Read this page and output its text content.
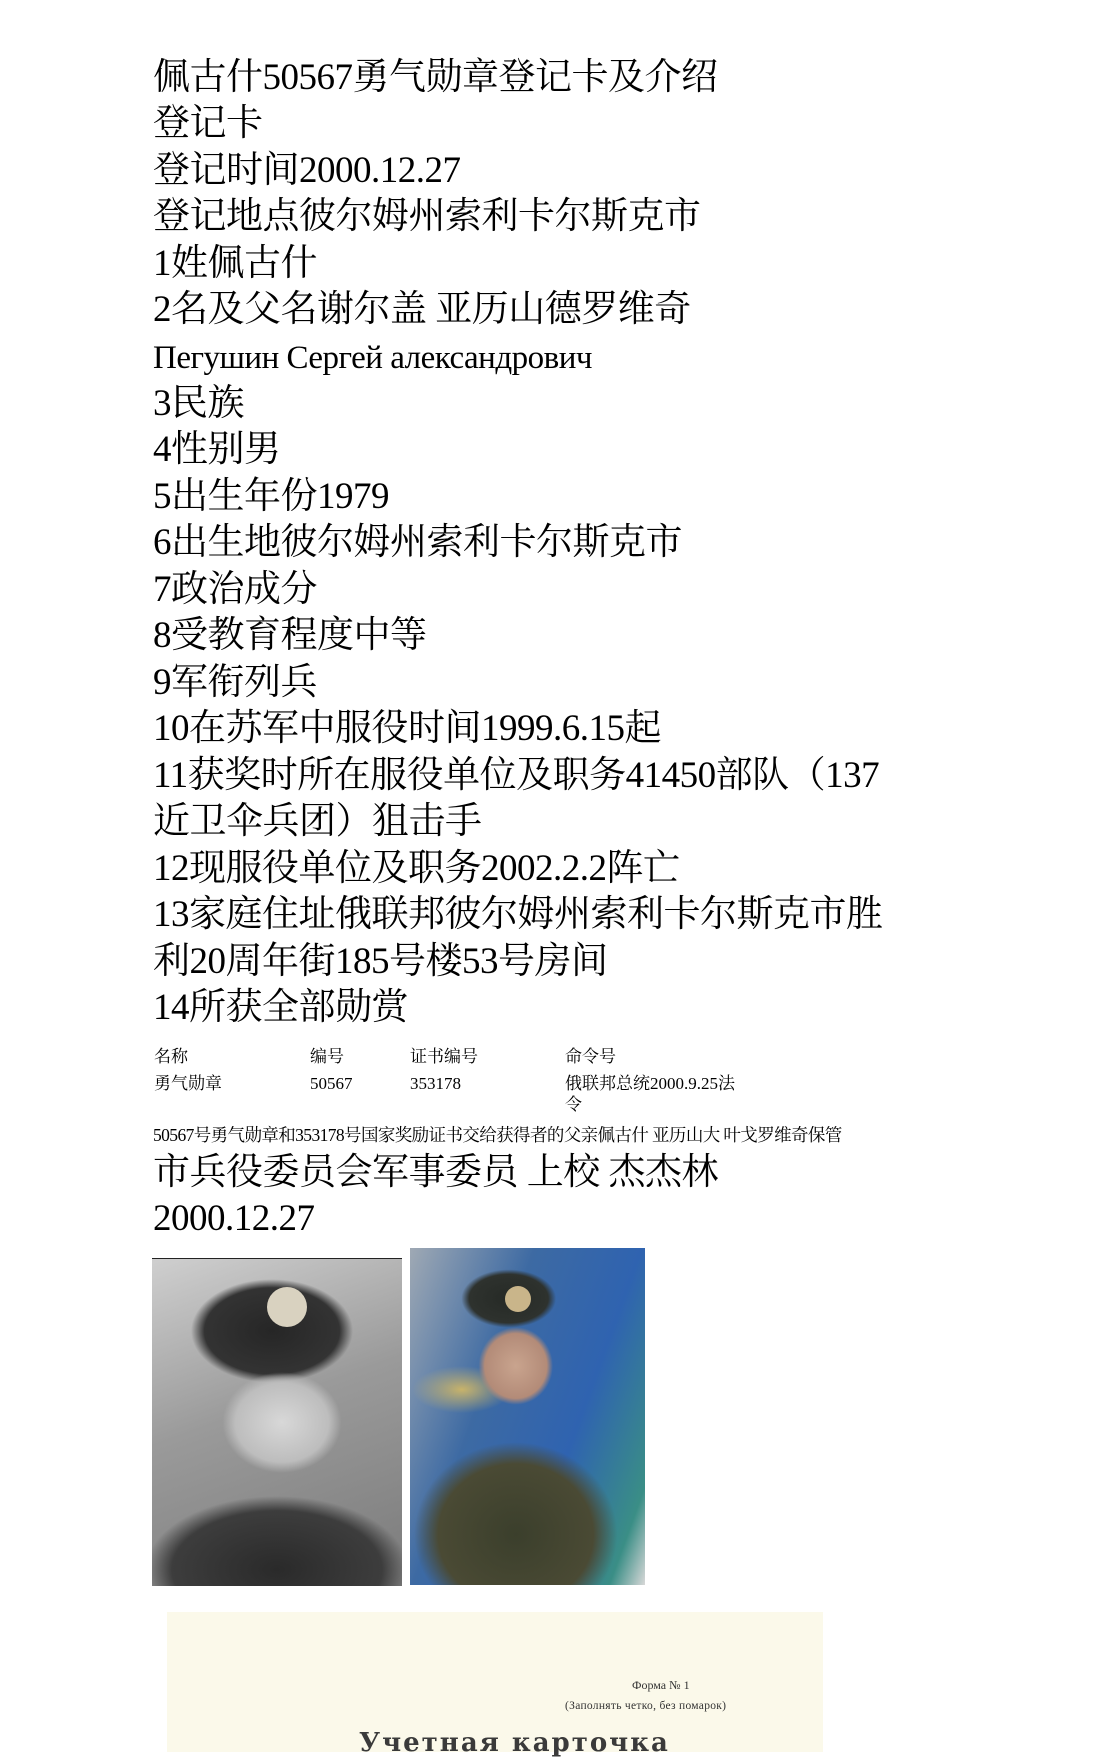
佩古什50567勇气勋章登记卡及介绍
登记卡
登记时间2000.12.27
登记地点彼尔姆州索利卡尔斯克市
1姓佩古什
2名及父名谢尔盖 亚历山德罗维奇
Пегушин Сергей александрович
3民族
4性别男
5出生年份1979
6出生地彼尔姆州索利卡尔斯克市
7政治成分
8受教育程度中等
9军衔列兵
10在苏军中服役时间1999.6.15起
11获奖时所在服役单位及职务41450部队（137
近卫伞兵团）狙击手
12现服役单位及职务2002.2.2阵亡
13家庭住址俄联邦彼尔姆州索利卡尔斯克市胜
利20周年街185号楼53号房间
14所获全部勋赏
名称	编号	证书编号	命令号
勇气勋章	50567	353178	俄联邦总统2000.9.25法
令
50567号勇气勋章和353178号国家奖励证书交给获得者的父亲佩古什 亚历山大 叶戈罗维奇保管
市兵役委员会军事委员 上校 杰杰林
2000.12.27
Форма № 1
(Заполнять четко, без помарок)
Учетная карточка
